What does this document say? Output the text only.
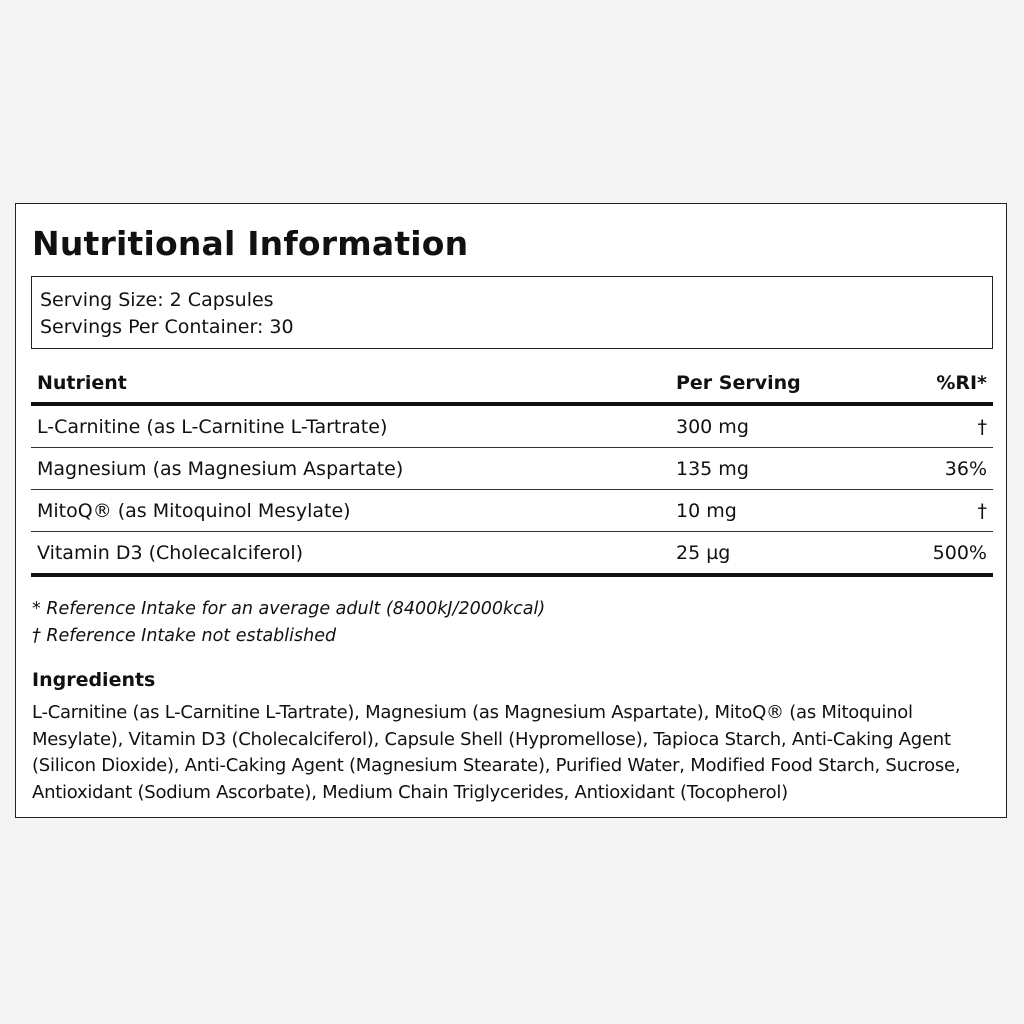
Nutritional Information
Serving Size: 2 Capsules
Servings Per Container: 30
Nutrient	Per Serving	%RI*
L-Carnitine (as L-Carnitine L-Tartrate)	300 mg	†
Magnesium (as Magnesium Aspartate)	135 mg	36%
MitoQ® (as Mitoquinol Mesylate)	10 mg	†
Vitamin D3 (Cholecalciferol)	25 µg	500%
* Reference Intake for an average adult (8400kJ/2000kcal)
† Reference Intake not established
Ingredients
L-Carnitine (as L-Carnitine L-Tartrate), Magnesium (as Magnesium Aspartate), MitoQ® (as Mitoquinol Mesylate), Vitamin D3 (Cholecalciferol), Capsule Shell (Hypromellose), Tapioca Starch, Anti-Caking Agent (Silicon Dioxide), Anti-Caking Agent (Magnesium Stearate), Purified Water, Modified Food Starch, Sucrose, Antioxidant (Sodium Ascorbate), Medium Chain Triglycerides, Antioxidant (Tocopherol)
